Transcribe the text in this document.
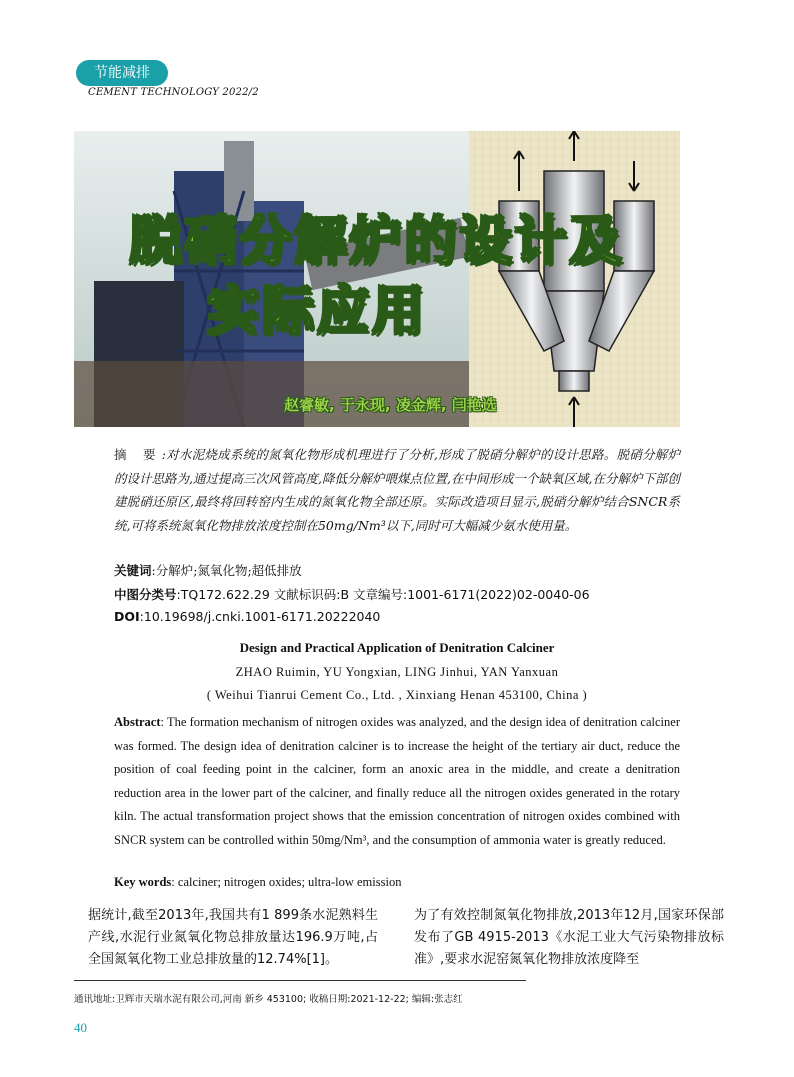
节能减排
CEMENT TECHNOLOGY 2022/2
脱硝分解炉的设计及
实际应用
赵睿敏, 于永现, 凌金辉, 闫艳选
摘 要:对水泥烧成系统的氮氧化物形成机理进行了分析,形成了脱硝分解炉的设计思路。脱硝分解炉的设计思路为,通过提高三次风管高度,降低分解炉喂煤点位置,在中间形成一个缺氧区域,在分解炉下部创建脱硝还原区,最终将回转窑内生成的氮氧化物全部还原。实际改造项目显示,脱硝分解炉结合SNCR系统,可将系统氮氧化物排放浓度控制在50mg/Nm³以下,同时可大幅减少氨水使用量。
关键词:分解炉;氮氧化物;超低排放
中图分类号:TQ172.622.29 文献标识码:B 文章编号:1001-6171(2022)02-0040-06
DOI:10.19698/j.cnki.1001-6171.20222040
Design and Practical Application of Denitration Calciner
ZHAO Ruimin, YU Yongxian, LING Jinhui, YAN Yanxuan
( Weihui Tianrui Cement Co., Ltd. , Xinxiang Henan 453100, China )
Abstract: The formation mechanism of nitrogen oxides was analyzed, and the design idea of denitration calciner was formed. The design idea of denitration calciner is to increase the height of the tertiary air duct, reduce the position of coal feeding point in the calciner, form an anoxic area in the middle, and create a denitration reduction area in the lower part of the calciner, and finally reduce all the nitrogen oxides generated in the rotary kiln. The actual transformation project shows that the emission concentration of nitrogen oxides combined with SNCR system can be controlled within 50mg/Nm³, and the consumption of ammonia water is greatly reduced.
Key words: calciner; nitrogen oxides; ultra-low emission
据统计,截至2013年,我国共有1 899条水泥熟料生产线,水泥行业氮氧化物总排放量达196.9万吨,占全国氮氧化物工业总排放量的12.74%[1]。
为了有效控制氮氧化物排放,2013年12月,国家环保部发布了GB 4915-2013《水泥工业大气污染物排放标准》,要求水泥窑氮氧化物排放浓度降至
通讯地址:卫辉市天瑞水泥有限公司,河南 新乡 453100; 收稿日期:2021-12-22; 编辑:张志红
40
